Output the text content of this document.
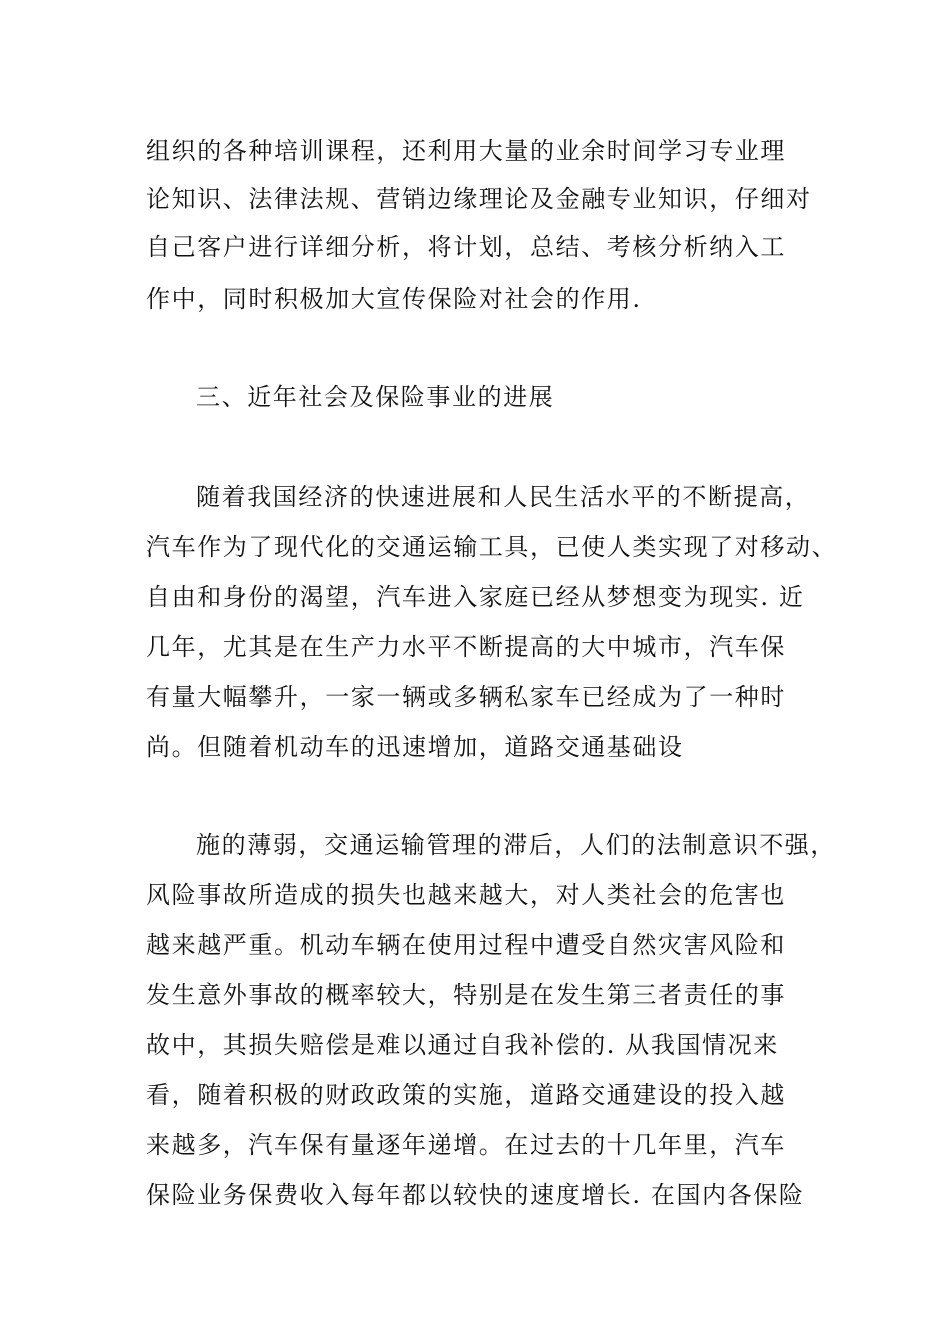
组织的各种培训课程，还利用大量的业余时间学习专业理
论知识、法律法规、营销边缘理论及金融专业知识，仔细对
自己客户进行详细分析，将计划，总结、考核分析纳入工
作中，同时积极加大宣传保险对社会的作用.
三、近年社会及保险事业的进展
随着我国经济的快速进展和人民生活水平的不断提高，
汽车作为了现代化的交通运输工具，已使人类实现了对移动、
自由和身份的渴望，汽车进入家庭已经从梦想变为现实. 近
几年，尤其是在生产力水平不断提高的大中城市，汽车保
有量大幅攀升，一家一辆或多辆私家车已经成为了一种时
尚。但随着机动车的迅速增加，道路交通基础设
施的薄弱，交通运输管理的滞后，人们的法制意识不强，
风险事故所造成的损失也越来越大，对人类社会的危害也
越来越严重。机动车辆在使用过程中遭受自然灾害风险和
发生意外事故的概率较大，特别是在发生第三者责任的事
故中，其损失赔偿是难以通过自我补偿的. 从我国情况来
看，随着积极的财政政策的实施，道路交通建设的投入越
来越多，汽车保有量逐年递增。在过去的十几年里，汽车
保险业务保费收入每年都以较快的速度增长. 在国内各保险
